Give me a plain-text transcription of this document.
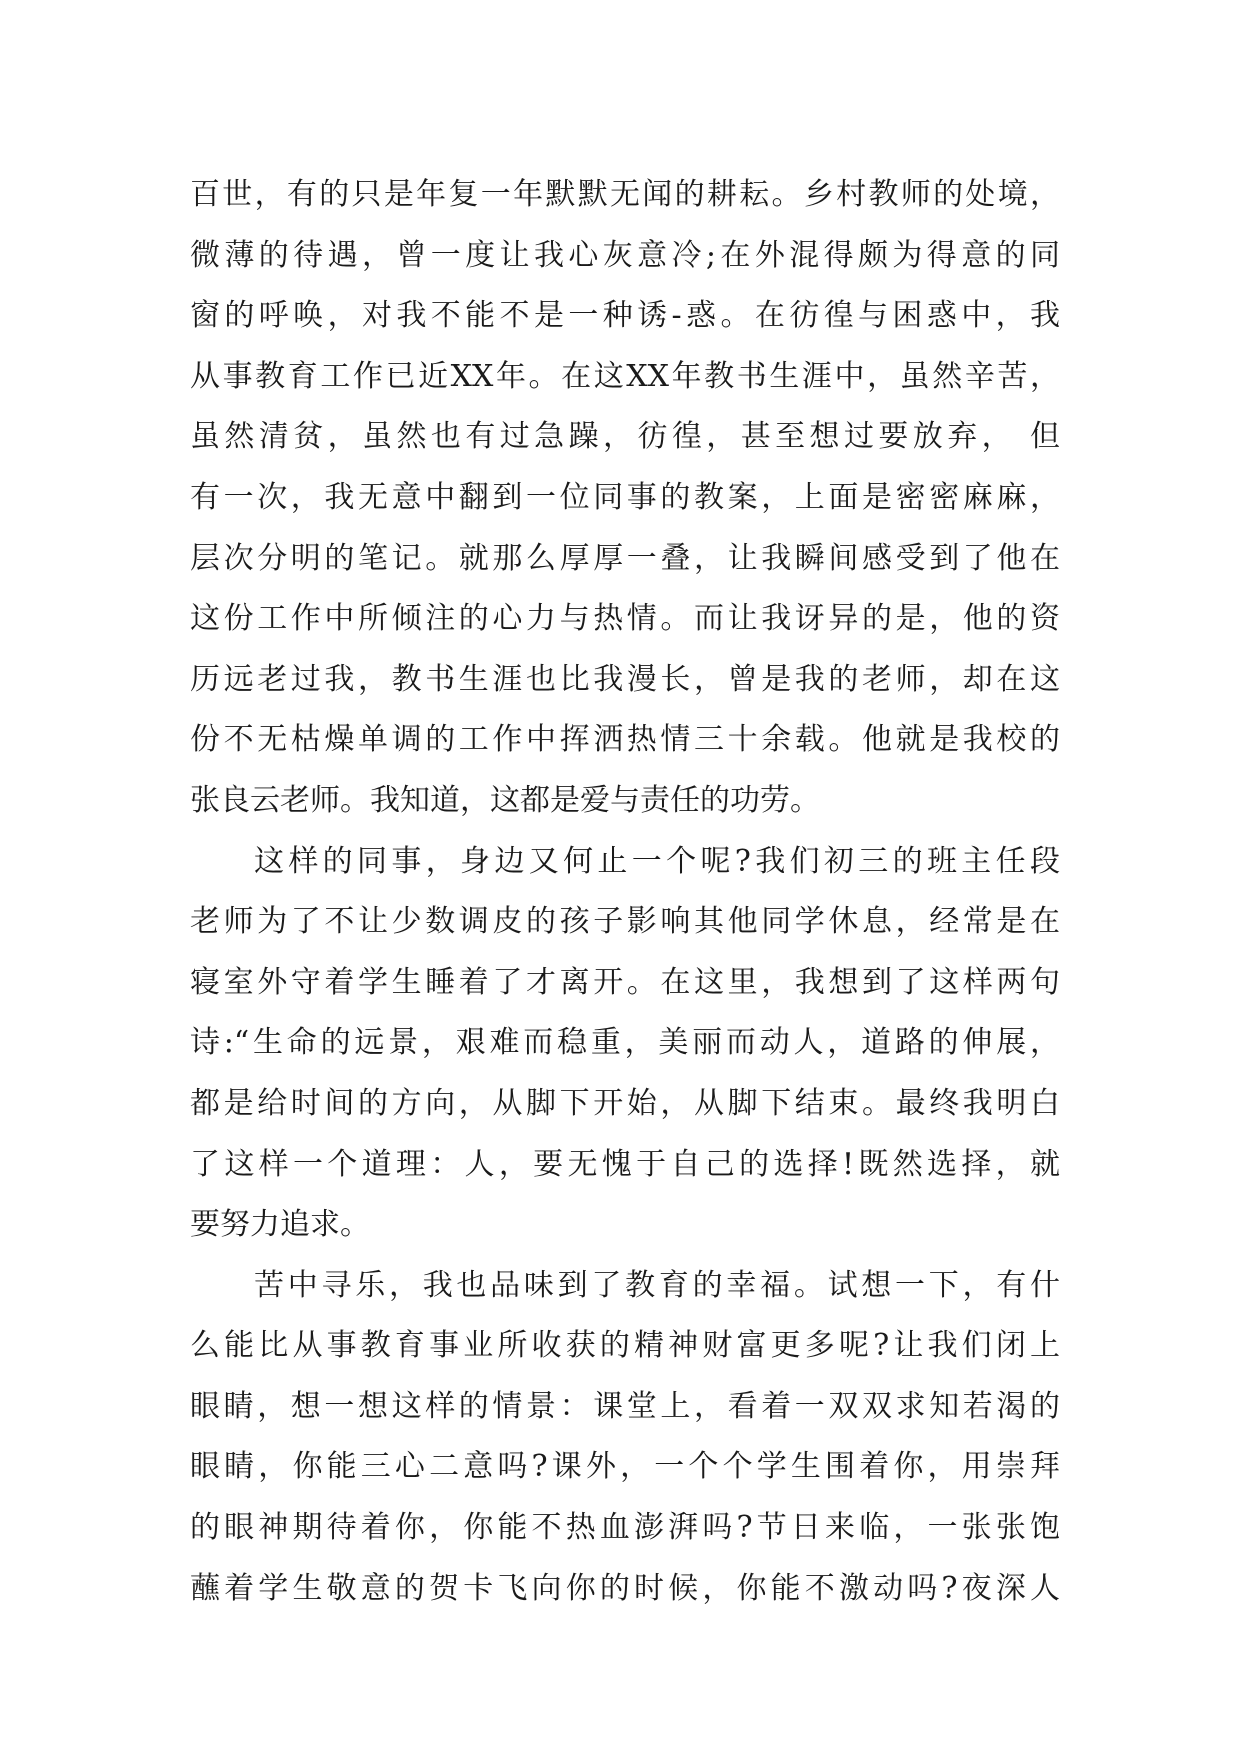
百世，有的只是年复一年默默无闻的耕耘。乡村教师的处境，
微薄的待遇，曾一度让我心灰意冷;在外混得颇为得意的同
窗的呼唤，对我不能不是一种诱-惑。在彷徨与困惑中，我
从事教育工作已近XX年。在这XX年教书生涯中，虽然辛苦，
虽然清贫，虽然也有过急躁，彷徨，甚至想过要放弃， 但
有一次，我无意中翻到一位同事的教案，上面是密密麻麻，
层次分明的笔记。就那么厚厚一叠，让我瞬间感受到了他在
这份工作中所倾注的心力与热情。而让我讶异的是，他的资
历远老过我，教书生涯也比我漫长，曾是我的老师，却在这
份不无枯燥单调的工作中挥洒热情三十余载。他就是我校的
张良云老师。我知道，这都是爱与责任的功劳。
这样的同事，身边又何止一个呢?我们初三的班主任段
老师为了不让少数调皮的孩子影响其他同学休息，经常是在
寝室外守着学生睡着了才离开。在这里，我想到了这样两句
诗:“生命的远景，艰难而稳重，美丽而动人，道路的伸展，
都是给时间的方向，从脚下开始，从脚下结束。最终我明白
了这样一个道理：人，要无愧于自己的选择!既然选择，就
要努力追求。
苦中寻乐，我也品味到了教育的幸福。试想一下，有什
么能比从事教育事业所收获的精神财富更多呢?让我们闭上
眼睛，想一想这样的情景：课堂上，看着一双双求知若渴的
眼睛，你能三心二意吗?课外，一个个学生围着你，用崇拜
的眼神期待着你，你能不热血澎湃吗?节日来临，一张张饱
蘸着学生敬意的贺卡飞向你的时候，你能不激动吗?夜深人
